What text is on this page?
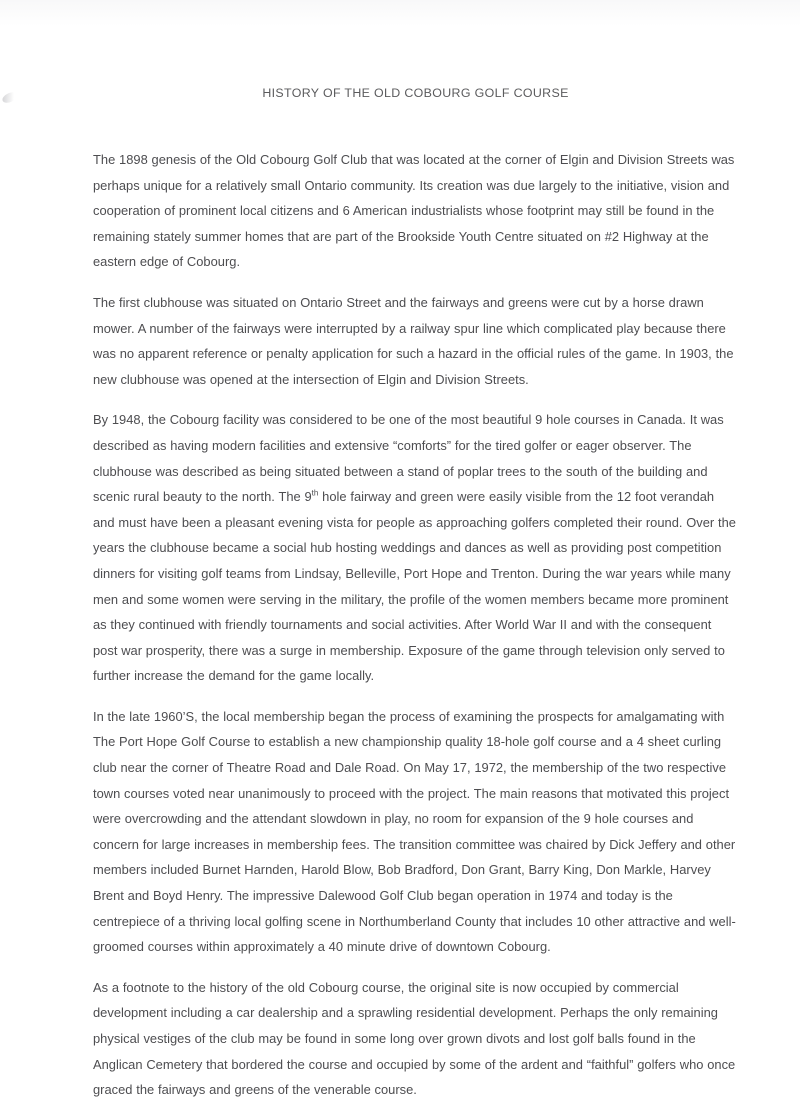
HISTORY OF THE OLD COBOURG GOLF COURSE

The 1898 genesis of the Old Cobourg Golf Club that was located at the corner of Elgin and Division Streets was perhaps unique for a relatively small Ontario community. Its creation was due largely to the initiative, vision and cooperation of prominent local citizens and 6 American industrialists whose footprint may still be found in the remaining stately summer homes that are part of the Brookside Youth Centre situated on #2 Highway at the eastern edge of Cobourg.

The first clubhouse was situated on Ontario Street and the fairways and greens were cut by a horse drawn mower. A number of the fairways were interrupted by a railway spur line which complicated play because there was no apparent reference or penalty application for such a hazard in the official rules of the game. In 1903, the new clubhouse was opened at the intersection of Elgin and Division Streets.

By 1948, the Cobourg facility was considered to be one of the most beautiful 9 hole courses in Canada. It was described as having modern facilities and extensive “comforts” for the tired golfer or eager observer. The clubhouse was described as being situated between a stand of poplar trees to the south of the building and scenic rural beauty to the north. The 9th hole fairway and green were easily visible from the 12 foot verandah and must have been a pleasant evening vista for people as approaching golfers completed their round. Over the years the clubhouse became a social hub hosting weddings and dances as well as providing post competition dinners for visiting golf teams from Lindsay, Belleville, Port Hope and Trenton. During the war years while many men and some women were serving in the military, the profile of the women members became more prominent as they continued with friendly tournaments and social activities. After World War II and with the consequent post war prosperity, there was a surge in membership. Exposure of the game through television only served to further increase the demand for the game locally.

In the late 1960’S, the local membership began the process of examining the prospects for amalgamating with The Port Hope Golf Course to establish a new championship quality 18-hole golf course and a 4 sheet curling club near the corner of Theatre Road and Dale Road. On May 17, 1972, the membership of the two respective town courses voted near unanimously to proceed with the project. The main reasons that motivated this project were overcrowding and the attendant slowdown in play, no room for expansion of the 9 hole courses and concern for large increases in membership fees. The transition committee was chaired by Dick Jeffery and other members included Burnet Harnden, Harold Blow, Bob Bradford, Don Grant, Barry King, Don Markle, Harvey Brent and Boyd Henry. The impressive Dalewood Golf Club began operation in 1974 and today is the centrepiece of a thriving local golfing scene in Northumberland County that includes 10 other attractive and well-groomed courses within approximately a 40 minute drive of downtown Cobourg.

As a footnote to the history of the old Cobourg course, the original site is now occupied by commercial development including a car dealership and a sprawling residential development. Perhaps the only remaining physical vestiges of the club may be found in some long over grown divots and lost golf balls found in the Anglican Cemetery that bordered the course and occupied by some of the ardent and “faithful” golfers who once graced the fairways and greens of the venerable course.
